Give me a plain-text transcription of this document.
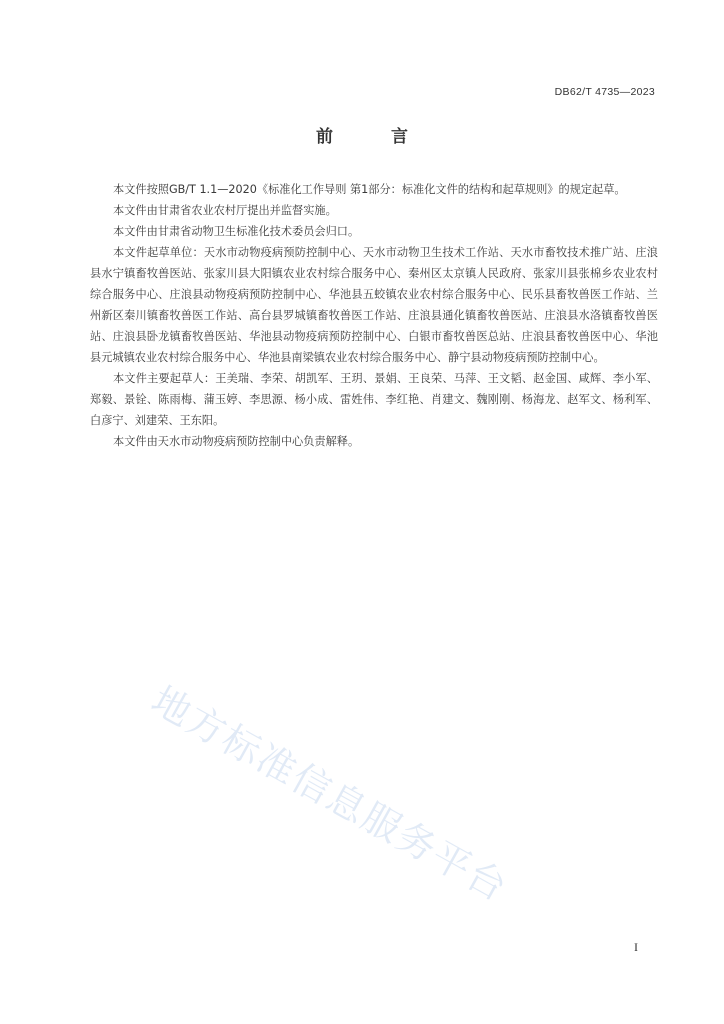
DB62/T 4735—2023
前 言

本文件按照GB/T 1.1—2020《标准化工作导则 第1部分：标准化文件的结构和起草规则》的规定起草。

本文件由甘肃省农业农村厅提出并监督实施。

本文件由甘肃省动物卫生标准化技术委员会归口。

本文件起草单位：天水市动物疫病预防控制中心、天水市动物卫生技术工作站、天水市畜牧技术推广站、庄浪县水宁镇畜牧兽医站、张家川县大阳镇农业农村综合服务中心、秦州区太京镇人民政府、张家川县张棉乡农业农村综合服务中心、庄浪县动物疫病预防控制中心、华池县五蛟镇农业农村综合服务中心、民乐县畜牧兽医工作站、兰州新区秦川镇畜牧兽医工作站、高台县罗城镇畜牧兽医工作站、庄浪县通化镇畜牧兽医站、庄浪县水洛镇畜牧兽医站、庄浪县卧龙镇畜牧兽医站、华池县动物疫病预防控制中心、白银市畜牧兽医总站、庄浪县畜牧兽医中心、华池县元城镇农业农村综合服务中心、华池县南梁镇农业农村综合服务中心、静宁县动物疫病预防控制中心。

本文件主要起草人：王美瑞、李荣、胡凯军、王玥、景娟、王良荣、马萍、王文韬、赵金国、咸辉、李小军、郑毅、景铨、陈雨梅、蒲玉婷、李思源、杨小成、雷姓伟、李红艳、肖建文、魏刚刚、杨海龙、赵军文、杨利军、白彦宁、刘建荣、王东阳。

本文件由天水市动物疫病预防控制中心负责解释。

地方标准信息服务平台
I
